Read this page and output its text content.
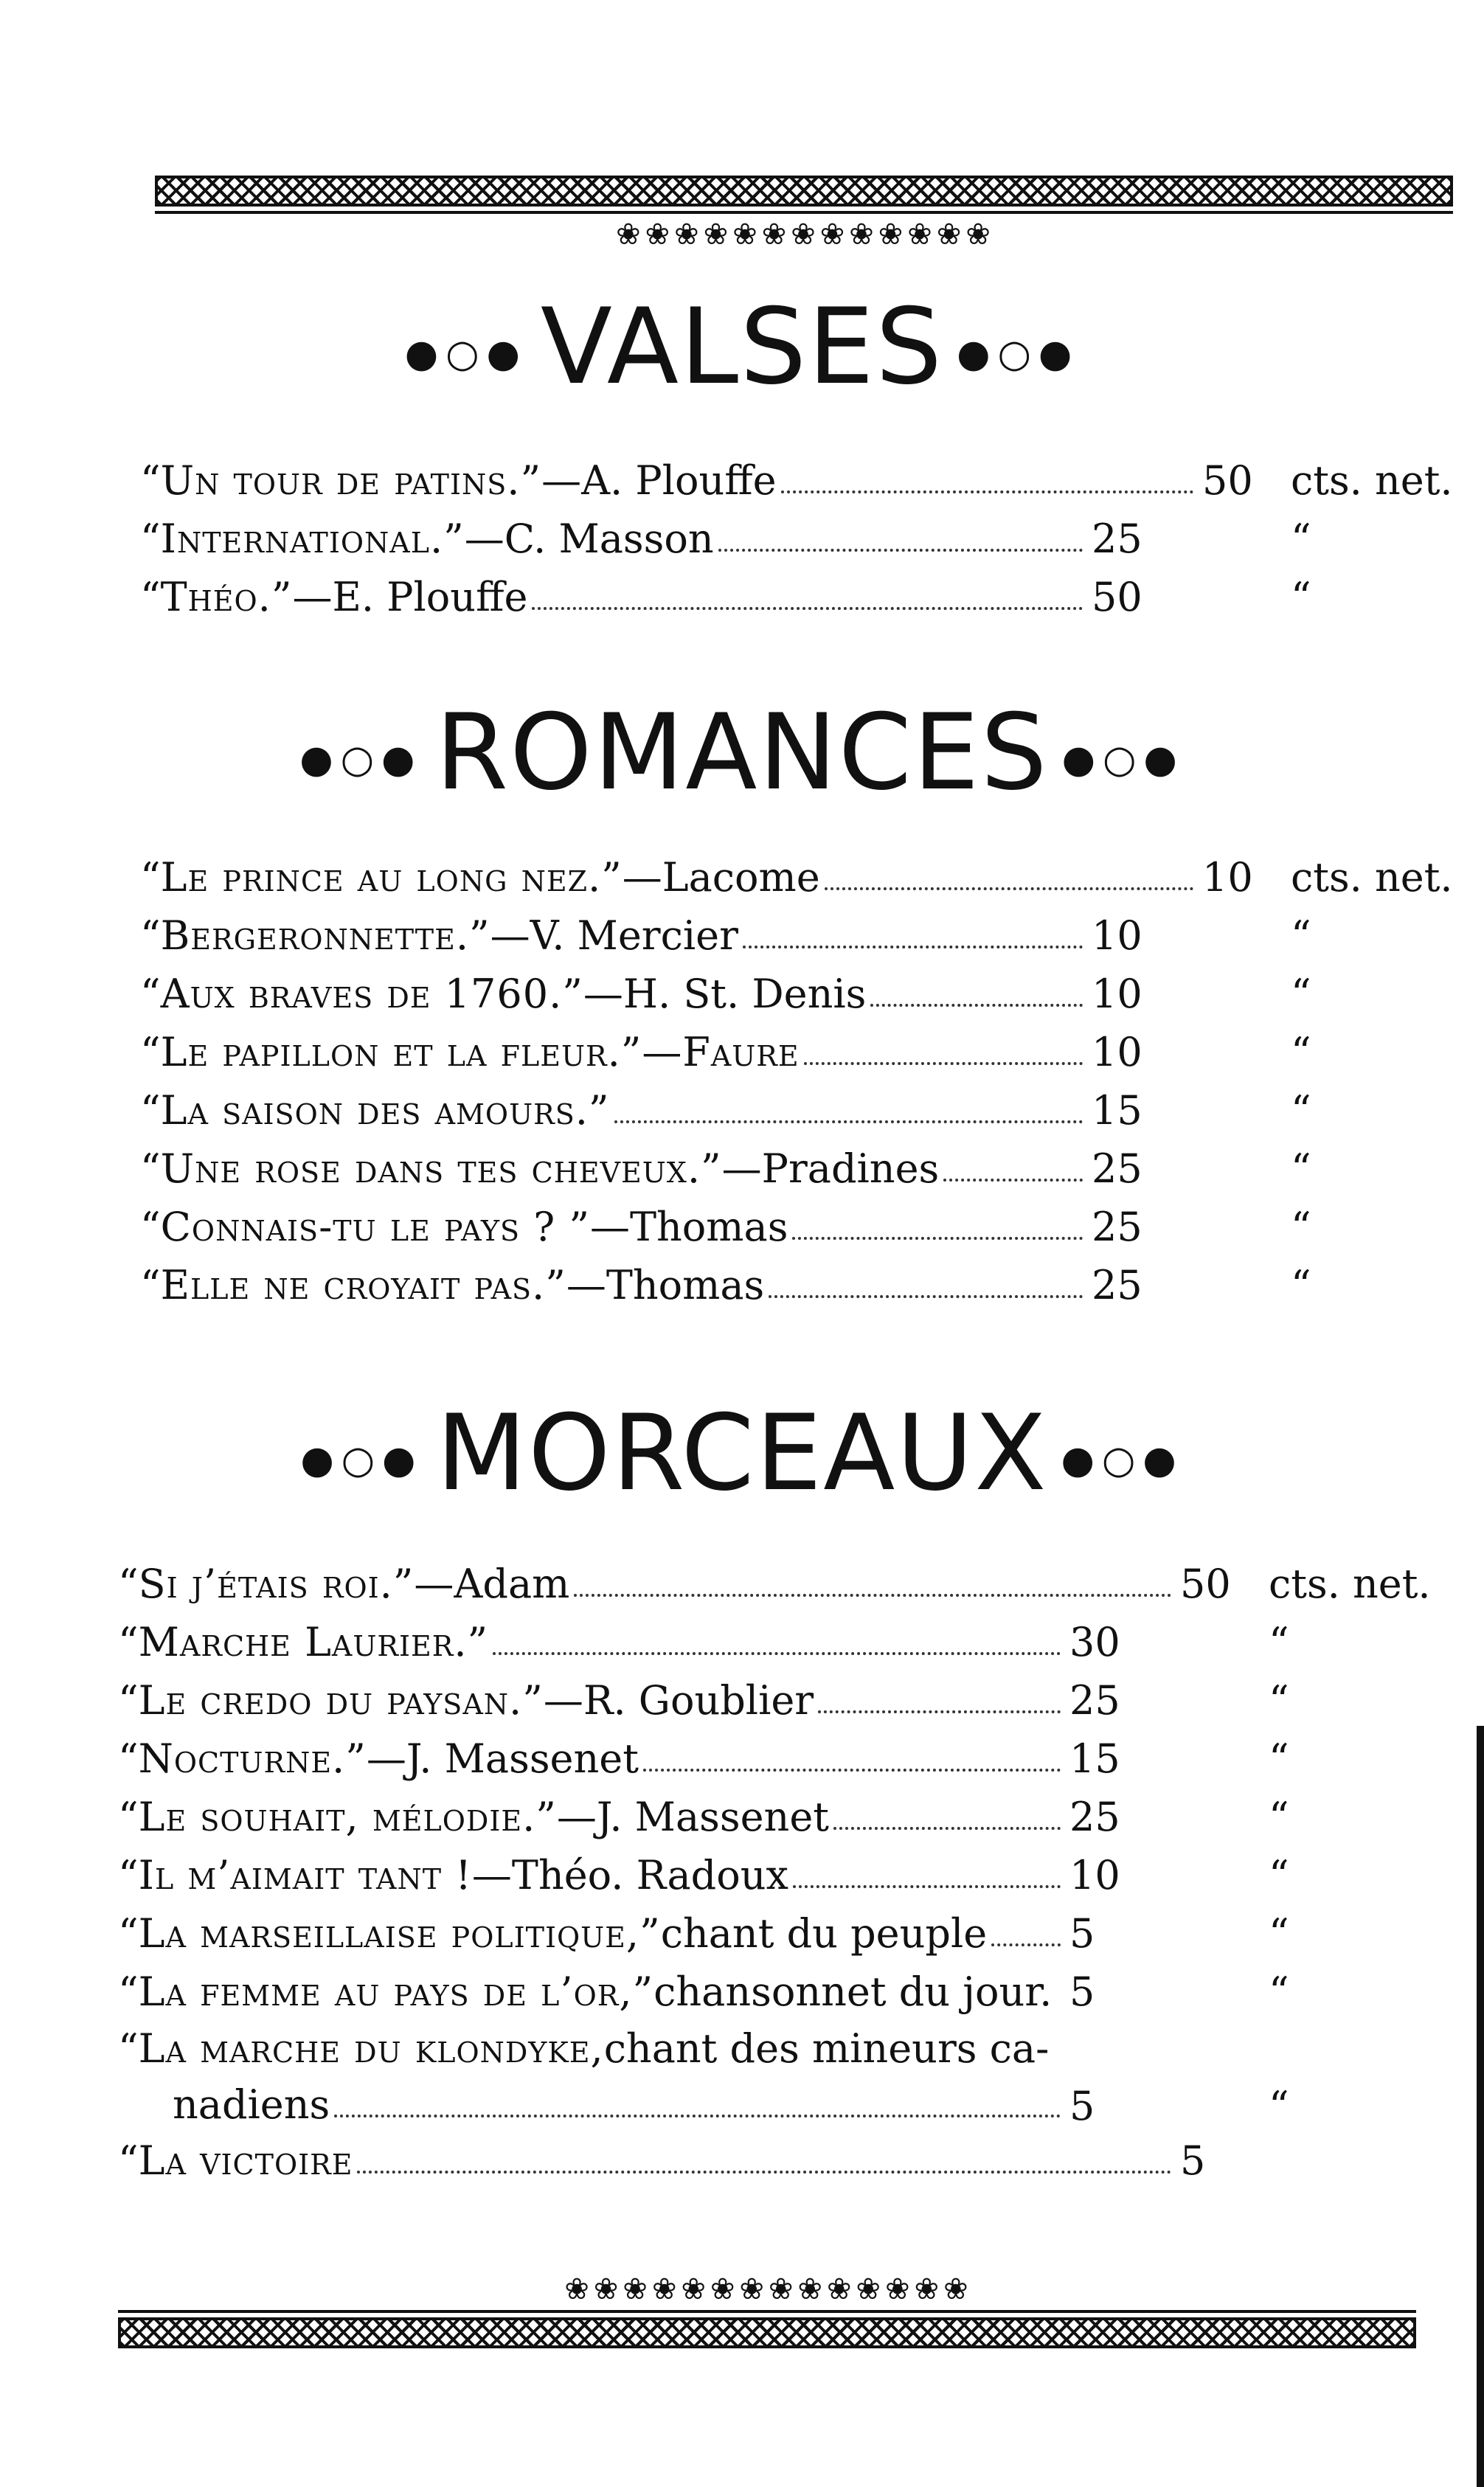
❀ ❀ ❀ ❀ ❀ ❀ ❀ ❀ ❀ ❀ ❀ ❀ ❀
●○● VALSES ●○●
“ Un tour de patins.” —A. Plouffe	50 cts. net.
“ International.” —C. Masson	25	“
“ Théo.” —E. Plouffe	50	“
●○● ROMANCES ●○●
“ Le prince au long nez.” —Lacome	10 cts. net.
“ Bergeronnette.” —V. Mercier	10	“
“ Aux braves de 1760.” —H. St. Denis	10	“
“ Le papillon et la fleur.” —Faure	10	“
“ La saison des amours.”	15	“
“ Une rose dans tes cheveux.” —Pradines	25	“
“ Connais-tu le pays ? ” —Thomas	25	“
“ Elle ne croyait pas.” —Thomas	25	“
●○● MORCEAUX ●○●
“ Si j’étais roi.” —Adam	50 cts. net.
“ Marche Laurier.”	30	“
“ Le credo du paysan.” —R. Goublier	25	“
“ Nocturne.” —J. Massenet	15	“
“ Le souhait, mélodie.” —J. Massenet	25	“
“ Il m’aimait tant ! —Théo. Radoux	10	“
“ La marseillaise politique,” chant du peuple 5	“
“ La femme au pays de l’or,” chansonnet du jour. 5	“
“ La marche du klondyke, chant des mineurs ca-
nadiens	5	“
“ La victoire	5
❀ ❀ ❀ ❀ ❀ ❀ ❀ ❀ ❀ ❀ ❀ ❀ ❀ ❀
